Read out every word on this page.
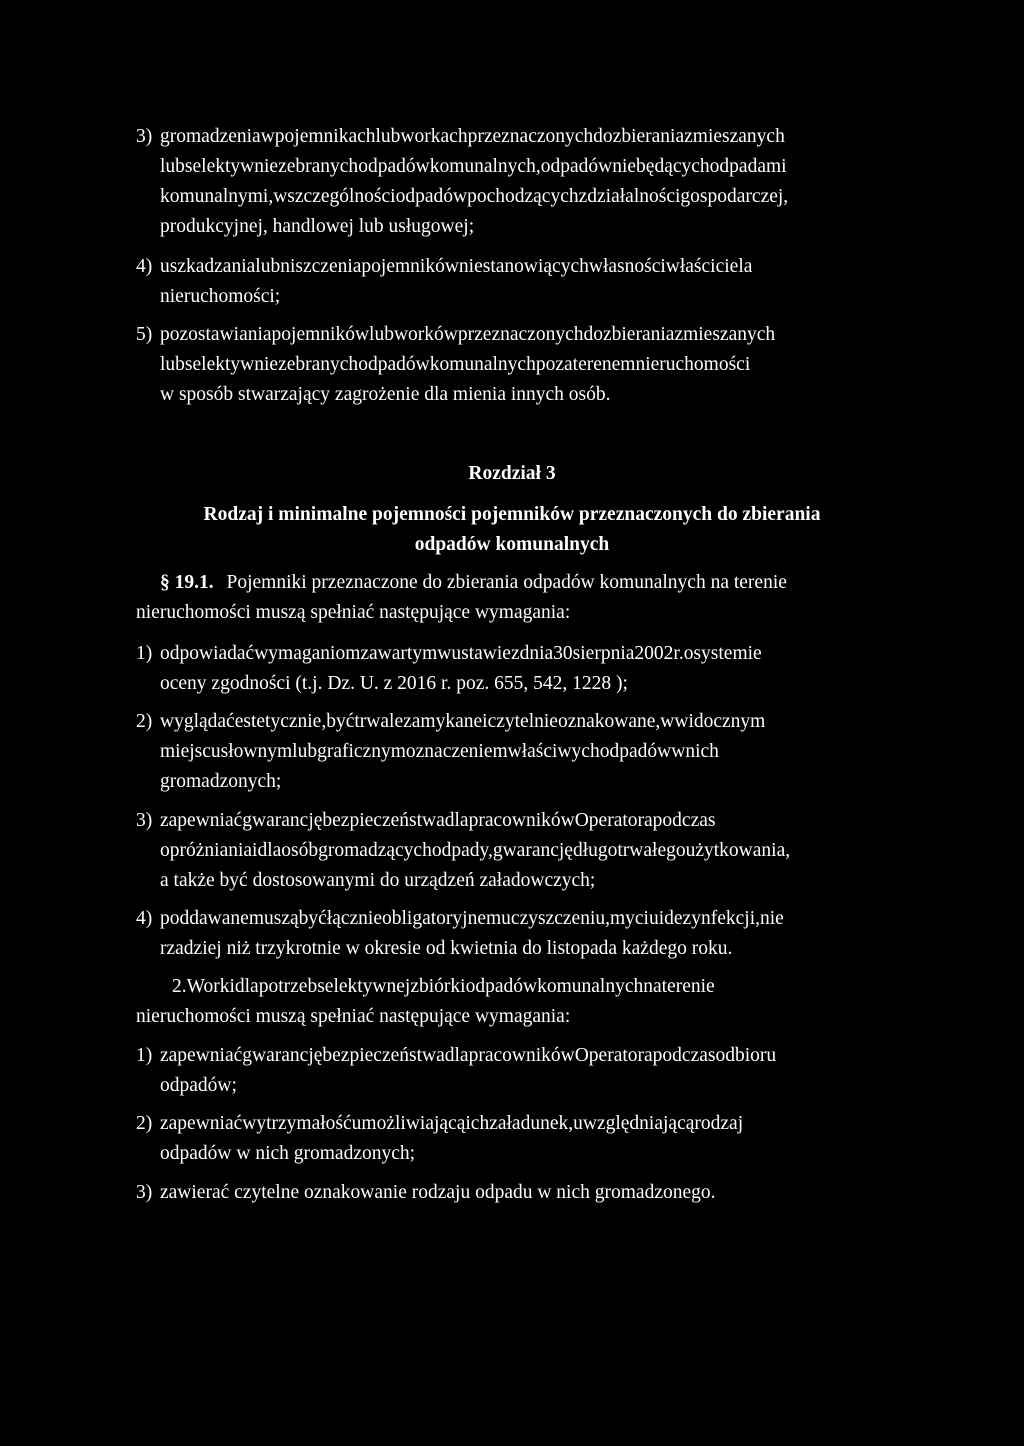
3) gromadzeniawpojemnikachlubworkachprzeznaczonychdozbieraniazmieszanych
lubselektywniezebranychodpadówkomunalnych,odpadówniebędącychodpadami
komunalnymi,wszczególnościodpadówpochodzącychzdziałalnościgospodarczej,
produkcyjnej, handlowej lub usługowej;
4) uszkadzanialubniszczeniapojemnikówniestanowiącychwłasnościwłaściciela
nieruchomości;
5) pozostawianiapojemnikówlubworkówprzeznaczonychdozbieraniazmieszanych
lubselektywniezebranychodpadówkomunalnychpozaterenemnieruchomości
w sposób stwarzający zagrożenie dla mienia innych osób.
Rozdział 3
Rodzaj i minimalne pojemności pojemników przeznaczonych do zbierania
odpadów komunalnych
§ 19.1. Pojemniki przeznaczone do zbierania odpadów komunalnych na terenie
nieruchomości muszą spełniać następujące wymagania:
1) odpowiadaćwymaganiomzawartymwustawiezdnia30sierpnia2002r.osystemie
oceny zgodności (t.j. Dz. U. z 2016 r. poz. 655, 542, 1228 );
2) wyglądaćestetycznie,byćtrwalezamykaneiczytelnieoznakowane,wwidocznym
miejscusłownymlubgraficznymoznaczeniemwłaściwychodpadówwnich
gromadzonych;
3) zapewniaćgwarancjębezpieczeństwadlapracownikówOperatorapodczas
opróżnianiaidlaosóbgromadzącychodpady,gwarancjędługotrwałegoużytkowania,
a także być dostosowanymi do urządzeń załadowczych;
4) poddawanemusząbyćłącznieobligatoryjnemuczyszczeniu,myciuidezynfekcji,nie
rzadziej niż trzykrotnie w okresie od kwietnia do listopada każdego roku.
2.Workidlapotrzebselektywnejzbiórkiodpadówkomunalnychnaterenie
nieruchomości muszą spełniać następujące wymagania:
1) zapewniaćgwarancjębezpieczeństwadlapracownikówOperatorapodczasodbioru
odpadów;
2) zapewniaćwytrzymałośćumożliwiającąichzaładunek,uwzględniającąrodzaj
odpadów w nich gromadzonych;
3) zawierać czytelne oznakowanie rodzaju odpadu w nich gromadzonego.
